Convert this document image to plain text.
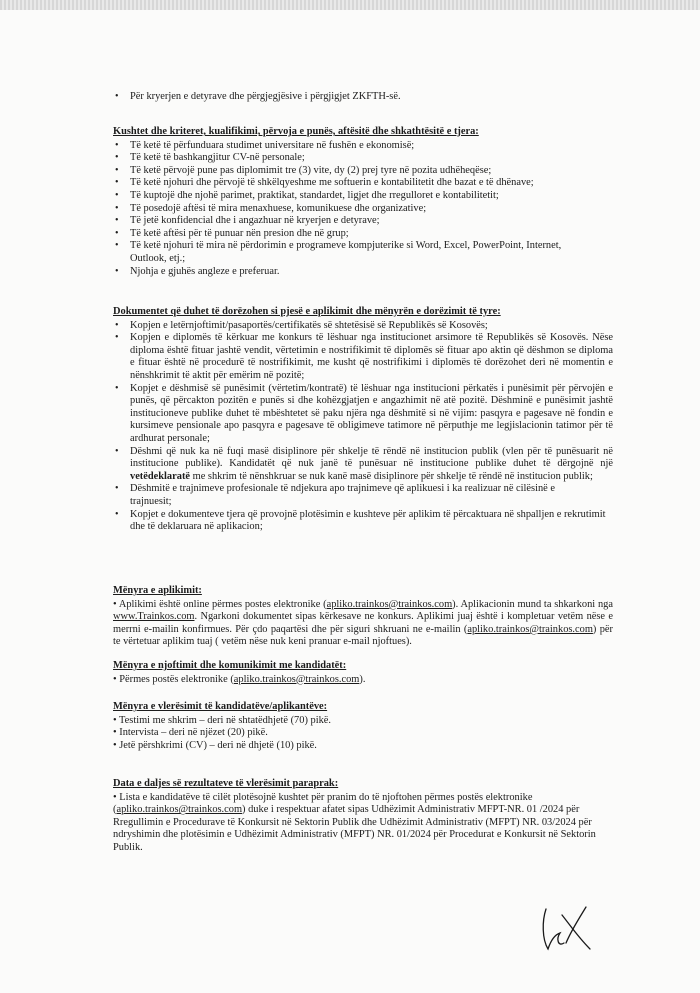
• Për kryerjen e detyrave dhe përgjegjësive i përgjigjet ZKFTH-së.
Kushtet dhe kriteret, kualifikimi, përvoja e punës, aftësitë dhe shkathtësitë e tjera:
• Të ketë të përfunduara studimet universitare në fushën e ekonomisë;
• Të ketë të bashkangjitur CV-në personale;
• Të ketë përvojë pune pas diplomimit tre (3) vite, dy (2) prej tyre në pozita udhëheqëse;
• Të ketë njohuri dhe përvojë të shkëlqyeshme me softuerin e kontabilitetit dhe bazat e të dhënave;
• Të kuptojë dhe njohë parimet, praktikat, standardet, ligjet dhe rregulloret e kontabilitetit;
• Të posedojë aftësi të mira menaxhuese, komunikuese dhe organizative;
• Të jetë konfidencial dhe i angazhuar në kryerjen e detyrave;
• Të ketë aftësi për të punuar nën presion dhe në grup;
• Të ketë njohuri të mira në përdorimin e programeve kompjuterike si Word, Excel, PowerPoint, Internet, Outlook, etj.;
• Njohja e gjuhës angleze e preferuar.
Dokumentet që duhet të dorëzohen si pjesë e aplikimit dhe mënyrën e dorëzimit të tyre:
• Kopjen e letërnjoftimit/pasaportës/certifikatës së shtetësisë së Republikës së Kosovës;
• Kopjen e diplomës të kërkuar me konkurs të lëshuar nga institucionet arsimore të Republikës së Kosovës. Nëse diploma është fituar jashtë vendit, vërtetimin e nostrifikimit të diplomës së fituar apo aktin që dëshmon se diploma e fituar është në procedurë të nostrifikimit, me kusht që nostrifikimi i diplomës të dorëzohet deri në momentin e nënshkrimit të aktit për emërim në pozitë;
• Kopjet e dëshmisë së punësimit (vërtetim/kontratë) të lëshuar nga institucioni përkatës i punësimit për përvojën e punës, që përcakton pozitën e punës si dhe kohëzgjatjen e angazhimit në atë pozitë. Dëshminë e punësimit jashtë institucioneve publike duhet të mbështetet së paku njëra nga dëshmitë si në vijim: pasqyra e pagesave në fondin e kursimeve pensionale apo pasqyra e pagesave të obligimeve tatimore në përputhje me legjislacionin tatimor për të ardhurat personale;
• Dëshmi që nuk ka në fuqi masë disiplinore për shkelje të rëndë në institucion publik (vlen për të punësuarit në institucione publike). Kandidatët që nuk janë të punësuar në institucione publike duhet të dërgojnë një vetëdeklaratë me shkrim të nënshkruar se nuk kanë masë disiplinore për shkelje të rëndë në institucion publik;
• Dëshmitë e trajnimeve profesionale të ndjekura apo trajnimeve që aplikuesi i ka realizuar në cilësinë e trajnuesit;
• Kopjet e dokumenteve tjera që provojnë plotësimin e kushteve për aplikim të përcaktuara në shpalljen e rekrutimit dhe të deklaruara në aplikacion;
Mënyra e aplikimit:

• Aplikimi është online përmes postes elektronike (apliko.trainkos@trainkos.com). Aplikacionin mund ta shkarkoni nga www.Trainkos.com. Ngarkoni dokumentet sipas kërkesave ne konkurs. Aplikimi juaj është i kompletuar vetëm nëse e merrni e-mailin konfirmues. Për çdo paqartësi dhe për siguri shkruani ne e-mailin (apliko.trainkos@trainkos.com) për te vërtetuar aplikim tuaj ( vetëm nëse nuk keni pranuar e-mail njoftues).

Mënyra e njoftimit dhe komunikimit me kandidatët:

• Përmes postës elektronike (apliko.trainkos@trainkos.com).

Mënyra e vlerësimit të kandidatëve/aplikantëve:

• Testimi me shkrim – deri në shtatëdhjetë (70) pikë.

• Intervista – deri në njëzet (20) pikë.

• Jetë përshkrimi (CV) – deri në dhjetë (10) pikë.

Data e daljes së rezultateve të vlerësimit paraprak:

• Lista e kandidatëve të cilët plotësojnë kushtet për pranim do të njoftohen përmes postës elektronike (apliko.trainkos@trainkos.com) duke i respektuar afatet sipas Udhëzimit Administrativ MFPT-NR. 01 /2024 për Rregullimin e Procedurave të Konkursit në Sektorin Publik dhe Udhëzimit Administrativ (MFPT) NR. 03/2024 për ndryshimin dhe plotësimin e Udhëzimit Administrativ (MFPT) NR. 01/2024 për Procedurat e Konkursit në Sektorin Publik.
